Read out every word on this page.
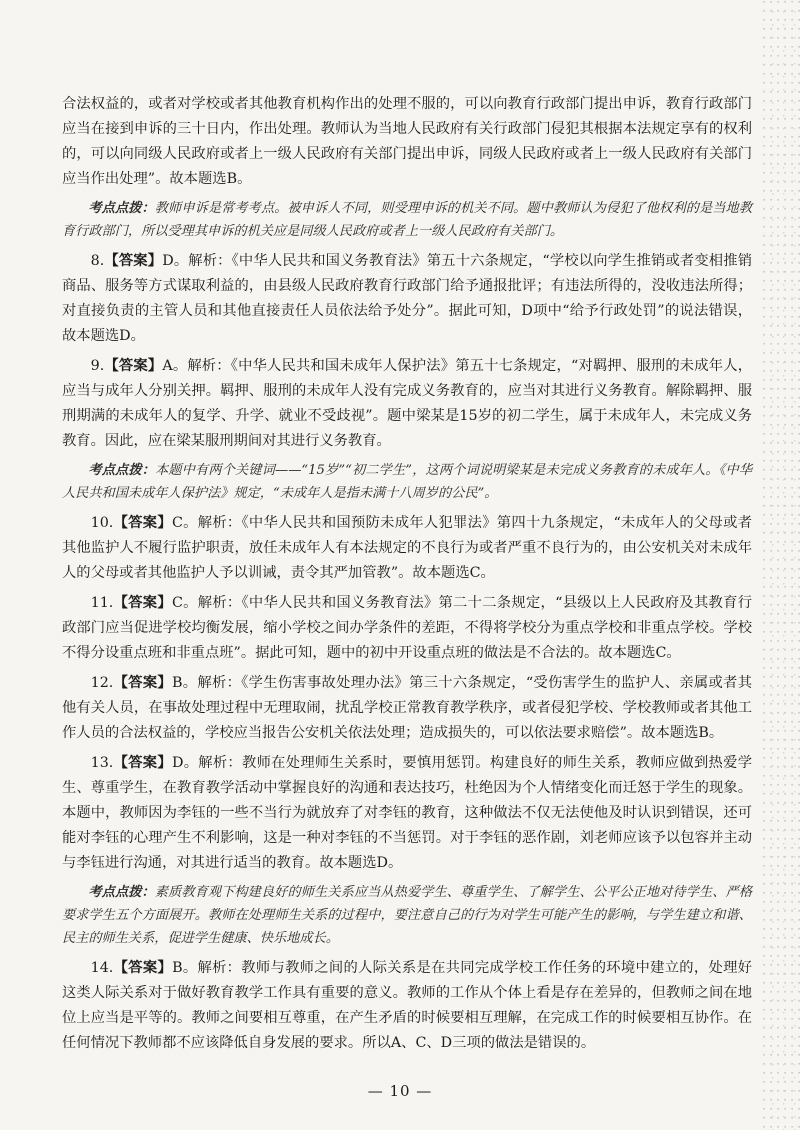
合法权益的，或者对学校或者其他教育机构作出的处理不服的，可以向教育行政部门提出申诉，教育行政部门应当在接到申诉的三十日内，作出处理。教师认为当地人民政府有关行政部门侵犯其根据本法规定享有的权利的，可以向同级人民政府或者上一级人民政府有关部门提出申诉，同级人民政府或者上一级人民政府有关部门应当作出处理”。故本题选B。

考点点拨：教师申诉是常考考点。被申诉人不同，则受理申诉的机关不同。题中教师认为侵犯了他权利的是当地教育行政部门，所以受理其申诉的机关应是同级人民政府或者上一级人民政府有关部门。

8.【答案】D。解析：《中华人民共和国义务教育法》第五十六条规定，“学校以向学生推销或者变相推销商品、服务等方式谋取利益的，由县级人民政府教育行政部门给予通报批评；有违法所得的，没收违法所得；对直接负责的主管人员和其他直接责任人员依法给予处分”。据此可知，D项中“给予行政处罚”的说法错误，故本题选D。

9.【答案】A。解析：《中华人民共和国未成年人保护法》第五十七条规定，“对羁押、服刑的未成年人，应当与成年人分别关押。羁押、服刑的未成年人没有完成义务教育的，应当对其进行义务教育。解除羁押、服刑期满的未成年人的复学、升学、就业不受歧视”。题中梁某是15岁的初二学生，属于未成年人，未完成义务教育。因此，应在梁某服刑期间对其进行义务教育。

考点点拨：本题中有两个关键词——“15岁”“初二学生”，这两个词说明梁某是未完成义务教育的未成年人。《中华人民共和国未成年人保护法》规定，“未成年人是指未满十八周岁的公民”。

10.【答案】C。解析：《中华人民共和国预防未成年人犯罪法》第四十九条规定，“未成年人的父母或者其他监护人不履行监护职责，放任未成年人有本法规定的不良行为或者严重不良行为的，由公安机关对未成年人的父母或者其他监护人予以训诫，责令其严加管教”。故本题选C。

11.【答案】C。解析：《中华人民共和国义务教育法》第二十二条规定，“县级以上人民政府及其教育行政部门应当促进学校均衡发展，缩小学校之间办学条件的差距，不得将学校分为重点学校和非重点学校。学校不得分设重点班和非重点班”。据此可知，题中的初中开设重点班的做法是不合法的。故本题选C。

12.【答案】B。解析：《学生伤害事故处理办法》第三十六条规定，“受伤害学生的监护人、亲属或者其他有关人员，在事故处理过程中无理取闹，扰乱学校正常教育教学秩序，或者侵犯学校、学校教师或者其他工作人员的合法权益的，学校应当报告公安机关依法处理；造成损失的，可以依法要求赔偿”。故本题选B。

13.【答案】D。解析：教师在处理师生关系时，要慎用惩罚。构建良好的师生关系，教师应做到热爱学生、尊重学生，在教育教学活动中掌握良好的沟通和表达技巧，杜绝因为个人情绪变化而迁怒于学生的现象。本题中，教师因为李钰的一些不当行为就放弃了对李钰的教育，这种做法不仅无法使他及时认识到错误，还可能对李钰的心理产生不利影响，这是一种对李钰的不当惩罚。对于李钰的恶作剧，刘老师应该予以包容并主动与李钰进行沟通，对其进行适当的教育。故本题选D。

考点点拨：素质教育观下构建良好的师生关系应当从热爱学生、尊重学生、了解学生、公平公正地对待学生、严格要求学生五个方面展开。教师在处理师生关系的过程中，要注意自己的行为对学生可能产生的影响，与学生建立和谐、民主的师生关系，促进学生健康、快乐地成长。

14.【答案】B。解析：教师与教师之间的人际关系是在共同完成学校工作任务的环境中建立的，处理好这类人际关系对于做好教育教学工作具有重要的意义。教师的工作从个体上看是存在差异的，但教师之间在地位上应当是平等的。教师之间要相互尊重，在产生矛盾的时候要相互理解，在完成工作的时候要相互协作。在任何情况下教师都不应该降低自身发展的要求。所以A、C、D三项的做法是错误的。

— 10 —
